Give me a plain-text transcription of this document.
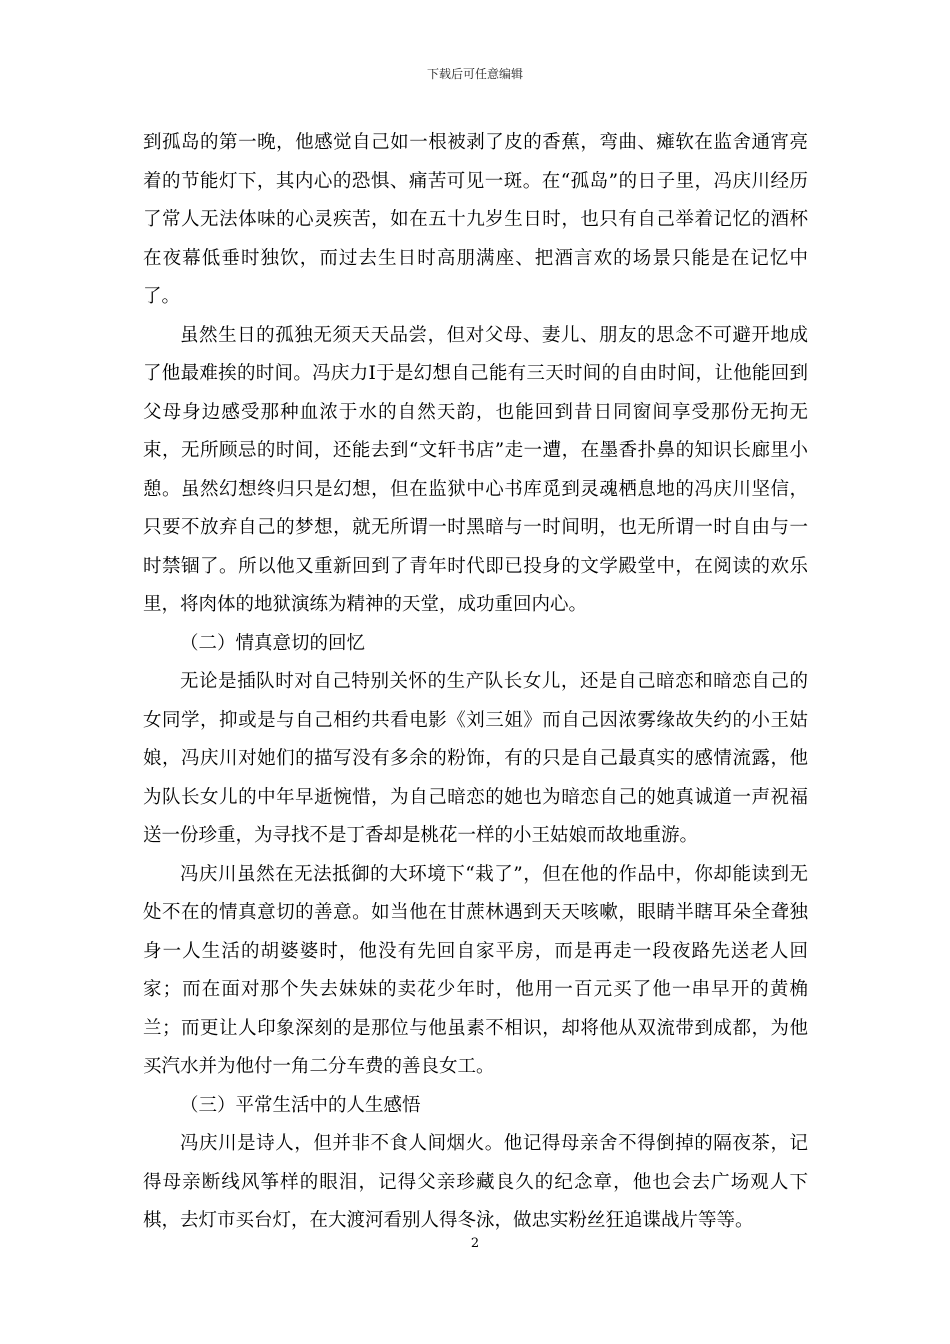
下载后可任意编辑

到孤岛的第一晚，他感觉自己如一根被剥了皮的香蕉，弯曲、瘫软在监舍通宵亮着的节能灯下，其内心的恐惧、痛苦可见一斑。在“孤岛”的日子里，冯庆川经历了常人无法体味的心灵疾苦，如在五十九岁生日时，也只有自己举着记忆的酒杯在夜幕低垂时独饮，而过去生日时高朋满座、把酒言欢的场景只能是在记忆中了。

虽然生日的孤独无须天天品尝，但对父母、妻儿、朋友的思念不可避开地成了他最难挨的时间。冯庆力Ⅰ于是幻想自己能有三天时间的自由时间，让他能回到父母身边感受那种血浓于水的自然天韵，也能回到昔日同窗间享受那份无拘无束，无所顾忌的时间，还能去到“文轩书店”走一遭，在墨香扑鼻的知识长廊里小憩。虽然幻想终归只是幻想，但在监狱中心书库觅到灵魂栖息地的冯庆川坚信，只要不放弃自己的梦想，就无所谓一时黑暗与一时间明，也无所谓一时自由与一时禁锢了。所以他又重新回到了青年时代即已投身的文学殿堂中，在阅读的欢乐里，将肉体的地狱演练为精神的天堂，成功重回内心。

（二）情真意切的回忆

无论是插队时对自己特别关怀的生产队长女儿，还是自己暗恋和暗恋自己的女同学，抑或是与自己相约共看电影《刘三姐》而自己因浓雾缘故失约的小王姑娘，冯庆川对她们的描写没有多余的粉饰，有的只是自己最真实的感情流露，他为队长女儿的中年早逝惋惜，为自己暗恋的她也为暗恋自己的她真诚道一声祝福送一份珍重，为寻找不是丁香却是桃花一样的小王姑娘而故地重游。

冯庆川虽然在无法抵御的大环境下“栽了”，但在他的作品中，你却能读到无处不在的情真意切的善意。如当他在甘蔗林遇到天天咳嗽，眼睛半瞎耳朵全聋独身一人生活的胡婆婆时，他没有先回自家平房，而是再走一段夜路先送老人回家；而在面对那个失去妹妹的卖花少年时，他用一百元买了他一串早开的黄桷兰；而更让人印象深刻的是那位与他虽素不相识，却将他从双流带到成都，为他买汽水并为他付一角二分车费的善良女工。

（三）平常生活中的人生感悟

冯庆川是诗人，但并非不食人间烟火。他记得母亲舍不得倒掉的隔夜茶，记得母亲断线风筝样的眼泪，记得父亲珍藏良久的纪念章，他也会去广场观人下棋，去灯市买台灯，在大渡河看别人得冬泳，做忠实粉丝狂追谍战片等等。

2
